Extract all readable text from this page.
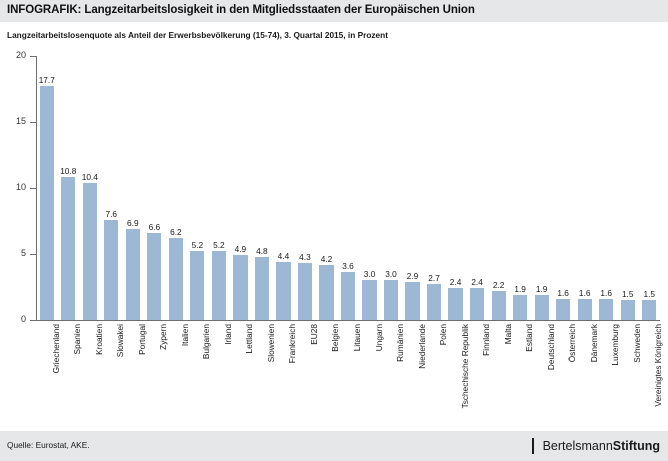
INFOGRAFIK: Langzeitarbeitslosigkeit in den Mitgliedsstaaten der Europäischen Union
Langzeitarbeitslosenquote als Anteil der Erwerbsbevölkerung (15-74), 3. Quartal 2015, in Prozent
0
5
10
15
20
17.7
10.8
10.4
7.6
6.9	6.6
6.2
5.2	5.2	4.9	4.8
4.4	4.3	4.2
3.6
3.0	3.0	2.9	2.7	2.4	2.4	2.2	1.9	1.9	1.6	1.6	1.6	1.5	1.5
Griechenland Spanien Kroatien Slowakei Portugal Zypern Italien Bulgarien Irland Lettland Slowenien Frankreich EU28 Belgien Litauen Ungarn Rumänien Niederlande Polen Tschechische Republik Finnland Malta Estland Deutschland Österreich Dänemark Luxemburg Schweden Vereinigtes Königreich
Quelle: Eurostat, AKE.	BertelsmannStiftung
